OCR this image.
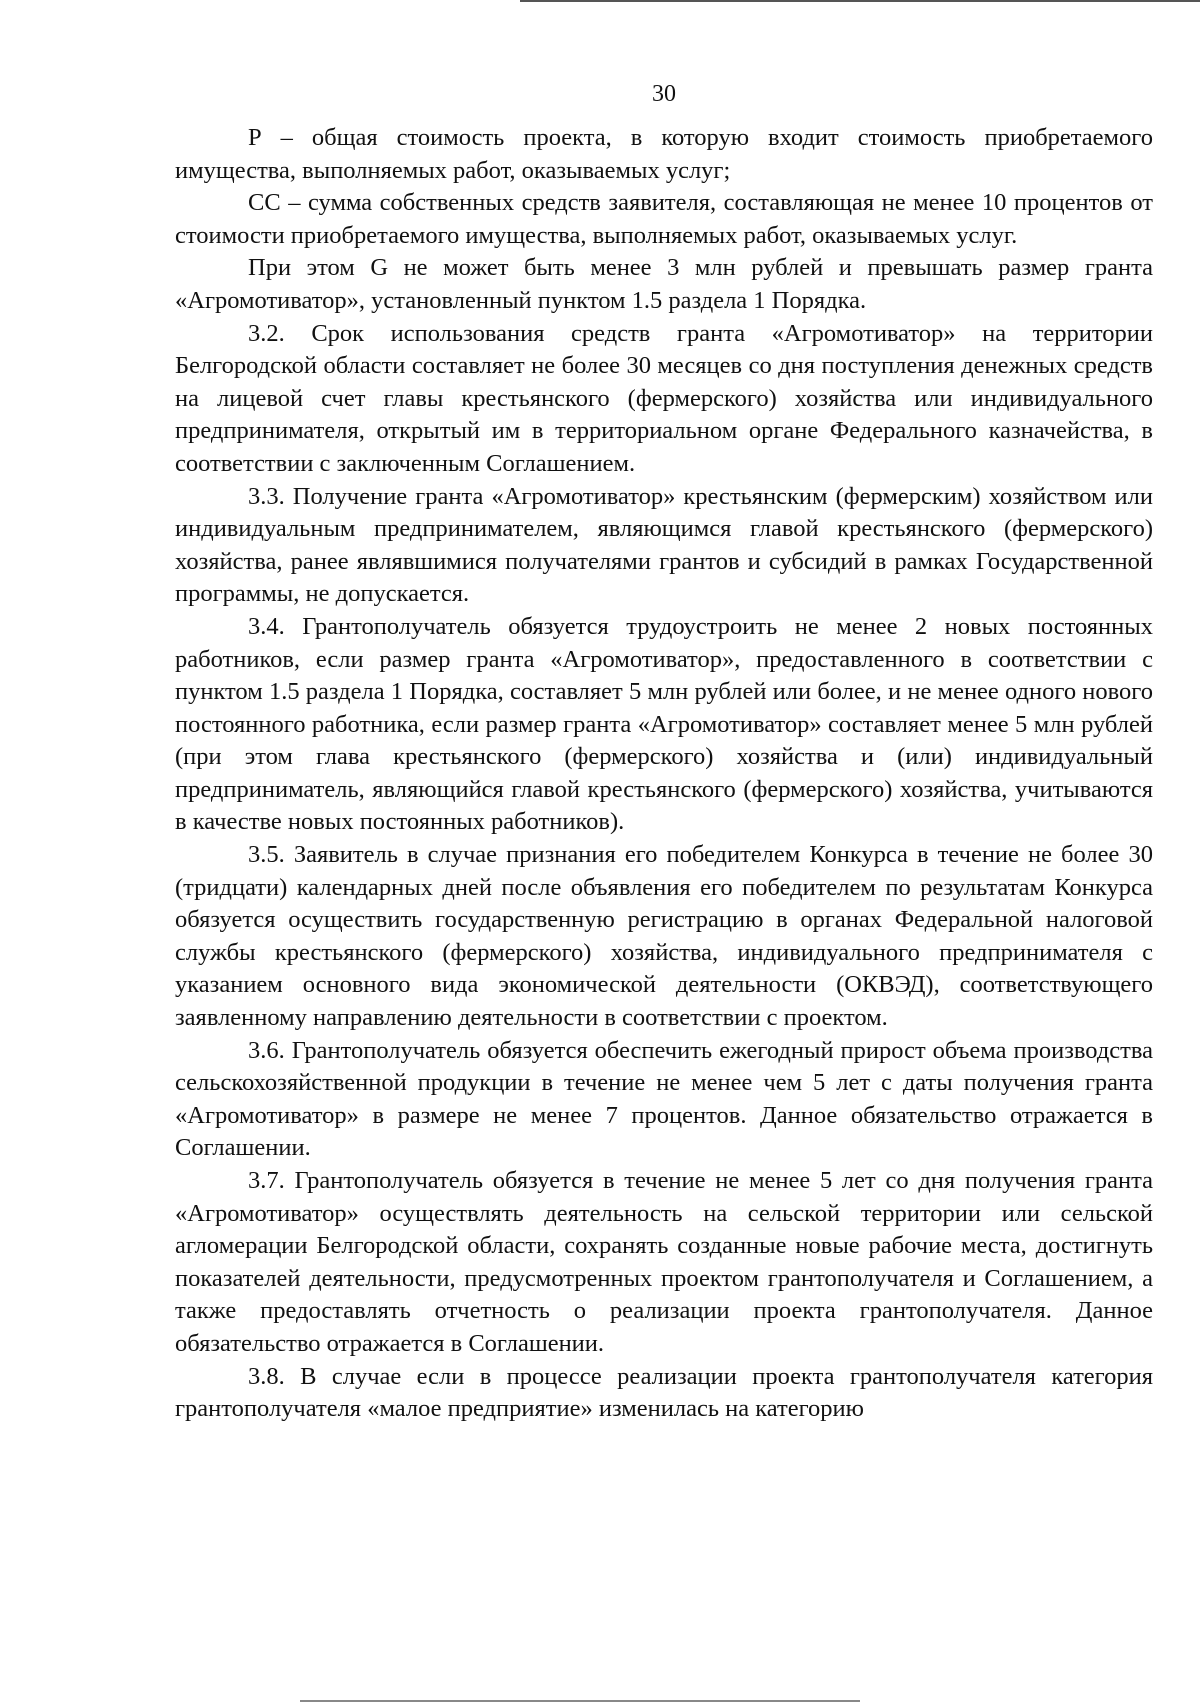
30

Р – общая стоимость проекта, в которую входит стоимость приобретаемого имущества, выполняемых работ, оказываемых услуг;

СС – сумма собственных средств заявителя, составляющая не менее 10 процентов от стоимости приобретаемого имущества, выполняемых работ, оказываемых услуг.

При этом G не может быть менее 3 млн рублей и превышать размер гранта «Агромотиватор», установленный пунктом 1.5 раздела 1 Порядка.

3.2. Срок использования средств гранта «Агромотиватор» на территории Белгородской области составляет не более 30 месяцев со дня поступления денежных средств на лицевой счет главы крестьянского (фермерского) хозяйства или индивидуального предпринимателя, открытый им в территориальном органе Федерального казначейства, в соответствии с заключенным Соглашением.

3.3. Получение гранта «Агромотиватор» крестьянским (фермерским) хозяйством или индивидуальным предпринимателем, являющимся главой крестьянского (фермерского) хозяйства, ранее являвшимися получателями грантов и субсидий в рамках Государственной программы, не допускается.

3.4. Грантополучатель обязуется трудоустроить не менее 2 новых постоянных работников, если размер гранта «Агромотиватор», предоставленного в соответствии с пунктом 1.5 раздела 1 Порядка, составляет 5 млн рублей или более, и не менее одного нового постоянного работника, если размер гранта «Агромотиватор» составляет менее 5 млн рублей (при этом глава крестьянского (фермерского) хозяйства и (или) индивидуальный предприниматель, являющийся главой крестьянского (фермерского) хозяйства, учитываются в качестве новых постоянных работников).

3.5. Заявитель в случае признания его победителем Конкурса в течение не более 30 (тридцати) календарных дней после объявления его победителем по результатам Конкурса обязуется осуществить государственную регистрацию в органах Федеральной налоговой службы крестьянского (фермерского) хозяйства, индивидуального предпринимателя с указанием основного вида экономической деятельности (ОКВЭД), соответствующего заявленному направлению деятельности в соответствии с проектом.

3.6. Грантополучатель обязуется обеспечить ежегодный прирост объема производства сельскохозяйственной продукции в течение не менее чем 5 лет с даты получения гранта «Агромотиватор» в размере не менее 7 процентов. Данное обязательство отражается в Соглашении.

3.7. Грантополучатель обязуется в течение не менее 5 лет со дня получения гранта «Агромотиватор» осуществлять деятельность на сельской территории или сельской агломерации Белгородской области, сохранять созданные новые рабочие места, достигнуть показателей деятельности, предусмотренных проектом грантополучателя и Соглашением, а также предоставлять отчетность о реализации проекта грантополучателя. Данное обязательство отражается в Соглашении.

3.8. В случае если в процессе реализации проекта грантополучателя категория грантополучателя «малое предприятие» изменилась на категорию
